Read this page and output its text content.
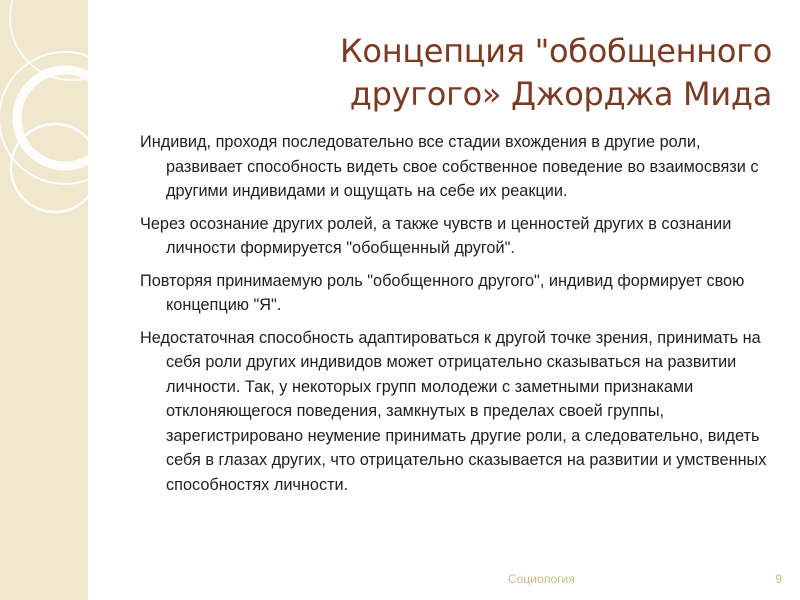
Концепция "обобщенного
другого» Джорджа Мида

Индивид, проходя последовательно все стадии вхождения в другие роли, развивает способность видеть свое собственное поведение во взаимосвязи с другими индивидами и ощущать на себе их реакции.

Через осознание других ролей, а также чувств и ценностей других в сознании личности формируется "обобщенный другой".

Повторяя принимаемую роль "обобщенного другого", индивид формирует свою концепцию "Я".

Недостаточная способность адаптироваться к другой точке зрения, принимать на себя роли других индивидов может отрицательно сказываться на развитии личности. Так, у некоторых групп молодежи с заметными признаками отклоняющегося поведения, замкнутых в пределах своей группы, зарегистрировано неумение принимать другие роли, а следовательно, видеть себя в глазах других, что отрицательно сказывается на развитии и умственных способностях личности.

Социология	9
